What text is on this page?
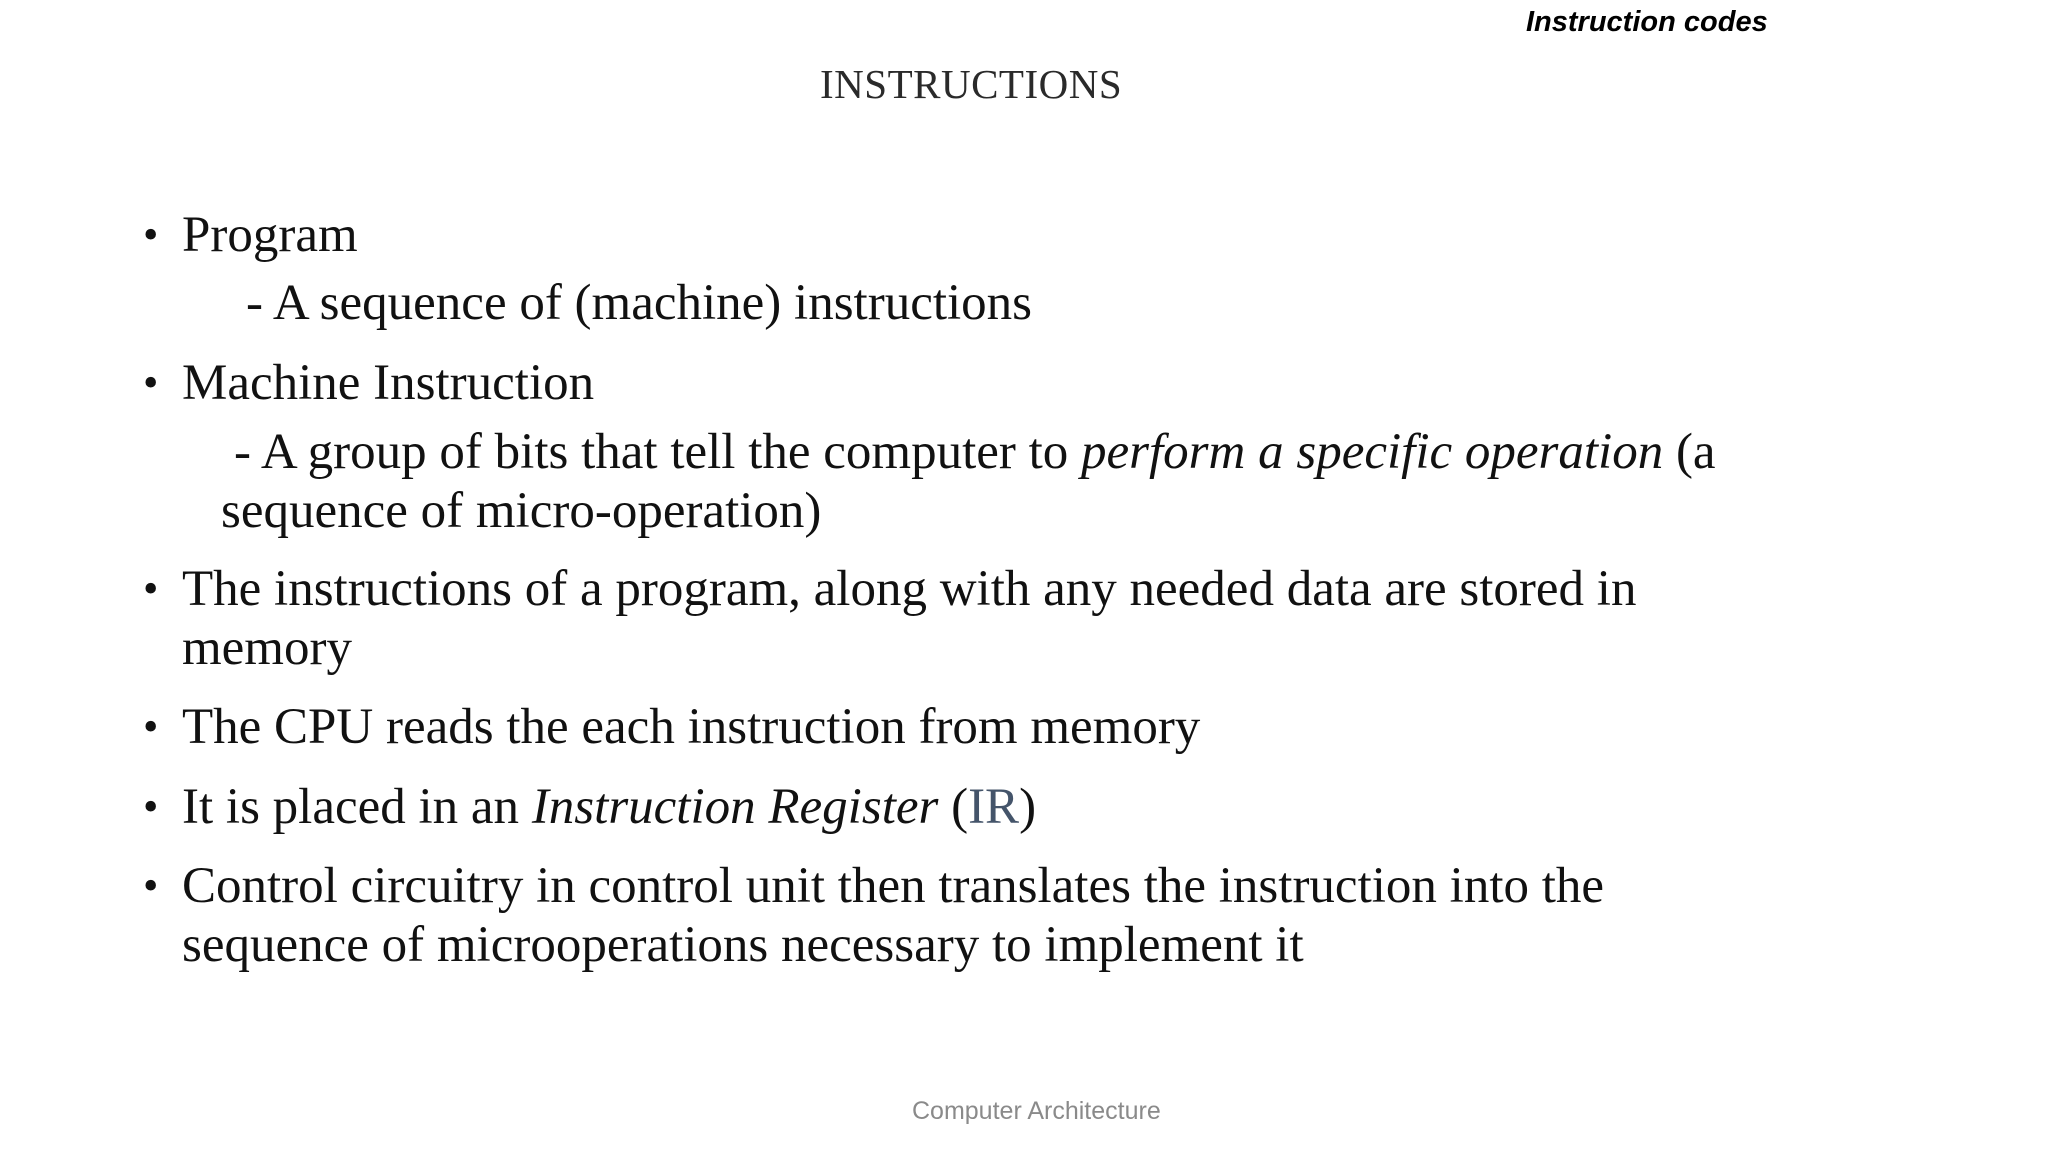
Instruction codes
INSTRUCTIONS
• Program
- A sequence of (machine) instructions
• Machine Instruction
- A group of bits that tell the computer to perform a specific operation (a
sequence of micro-operation)
• The instructions of a program, along with any needed data are stored in
memory
• The CPU reads the each instruction from memory
• It is placed in an Instruction Register (IR)
• Control circuitry in control unit then translates the instruction into the
sequence of microoperations necessary to implement it
Computer Architecture
